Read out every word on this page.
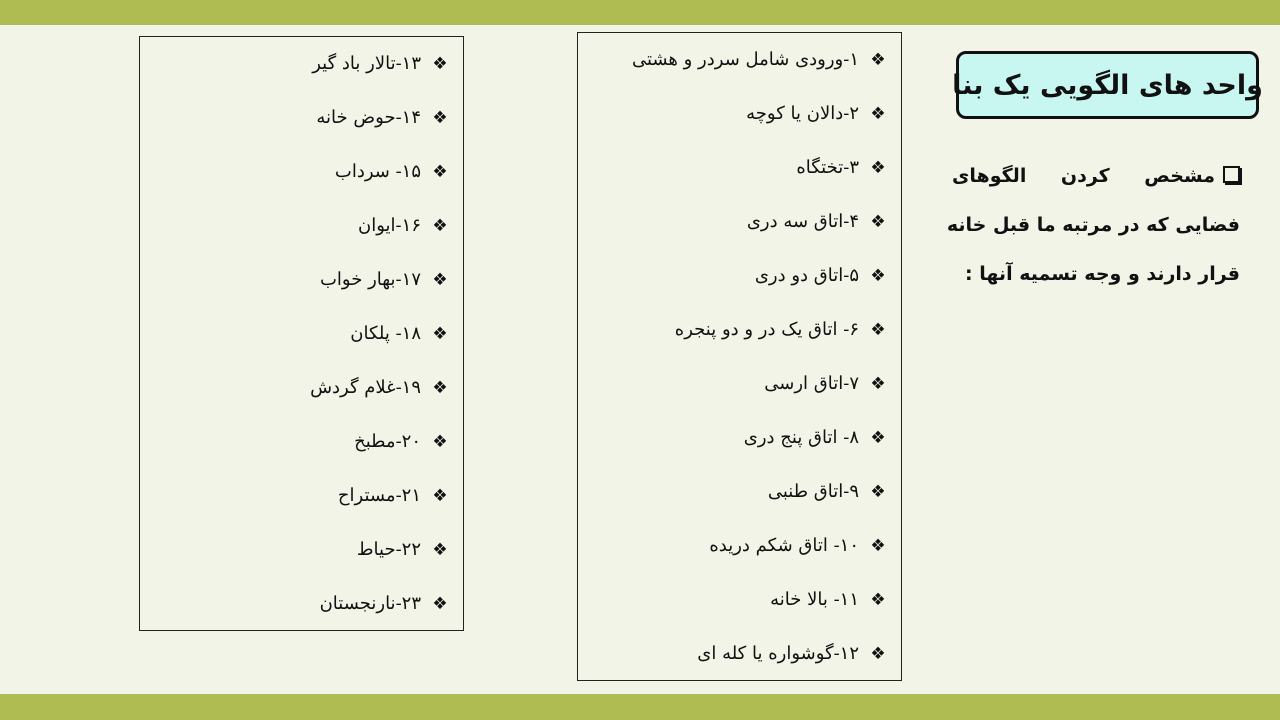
واحد های الگویی یک بنا
مشخص
کردن
الگوهای
فضایی که در مرتبه ما قبل خانه
قرار دارند و وجه تسمیه آنها :
❖۱-ورودی شامل سردر و هشتی
❖۲-دالان یا کوچه
❖۳-تختگاه
❖۴-اتاق سه دری
❖۵-اتاق دو دری
❖۶- اتاق یک در و دو پنجره
❖۷-اتاق ارسی
❖۸- اتاق پنج دری
❖۹-اتاق طنبی
❖۱۰- اتاق شکم دریده
❖۱۱- بالا خانه
❖۱۲-گوشواره یا کله ای
❖۱۳-تالار باد گیر
❖۱۴-حوض خانه
❖۱۵- سرداب
❖۱۶-ایوان
❖۱۷-بهار خواب
❖۱۸- پلکان
❖۱۹-غلام گردش
❖۲۰-مطبخ
❖۲۱-مستراح
❖۲۲-حیاط
❖۲۳-نارنجستان
